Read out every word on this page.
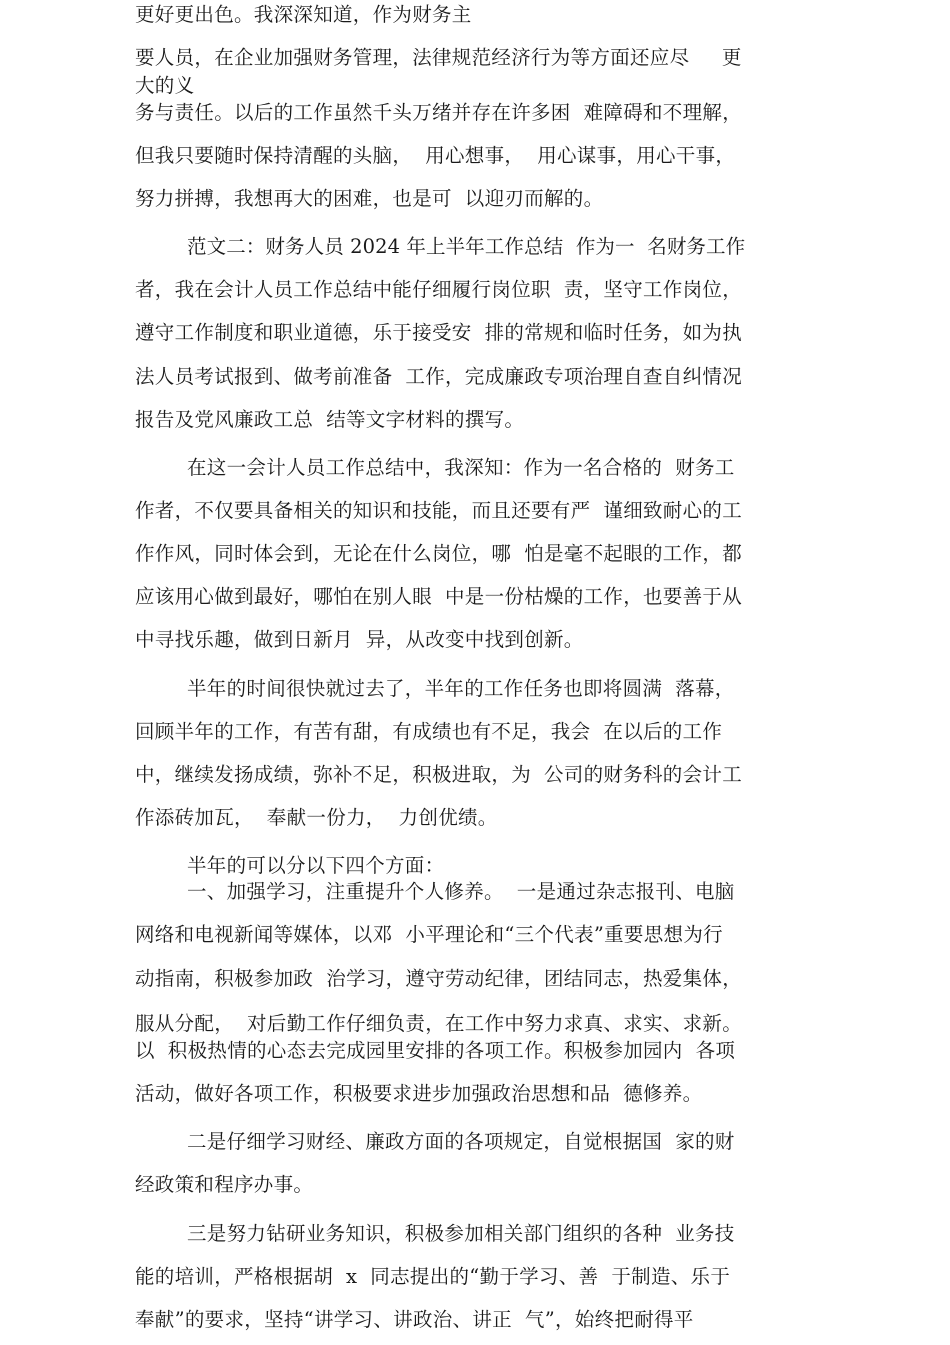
更好更出色。我深深知道，作为财务主
要人员，在企业加强财务管理，法律规范经济行为等方面还应尽     更
大的义
务与责任。以后的工作虽然千头万绪并存在许多困  难障碍和不理解，
但我只要随时保持清醒的头脑，  用心想事，  用心谋事，用心干事，
努力拼搏，我想再大的困难，也是可  以迎刃而解的。
范文二：财务人员 2024 年上半年工作总结  作为一  名财务工作
者，我在会计人员工作总结中能仔细履行岗位职  责，坚守工作岗位，
遵守工作制度和职业道德，乐于接受安  排的常规和临时任务，如为执
法人员考试报到、做考前准备  工作，完成廉政专项治理自查自纠情况
报告及党风廉政工总  结等文字材料的撰写。
在这一会计人员工作总结中，我深知：作为一名合格的  财务工
作者，不仅要具备相关的知识和技能，而且还要有严  谨细致耐心的工
作作风，同时体会到，无论在什么岗位，哪  怕是毫不起眼的工作，都
应该用心做到最好，哪怕在别人眼  中是一份枯燥的工作，也要善于从
中寻找乐趣，做到日新月  异，从改变中找到创新。
半年的时间很快就过去了，半年的工作任务也即将圆满  落幕，
回顾半年的工作，有苦有甜，有成绩也有不足，我会  在以后的工作
中，继续发扬成绩，弥补不足，积极进取，为  公司的财务科的会计工
作添砖加瓦，  奉献一份力，  力创优绩。
半年的可以分以下四个方面：
一、加强学习，注重提升个人修养。  一是通过杂志报刊、电脑
网络和电视新闻等媒体，以邓  小平理论和“三个代表”重要思想为行
动指南，积极参加政  治学习，遵守劳动纪律，团结同志，热爱集体，
服从分配，  对后勤工作仔细负责，在工作中努力求真、求实、求新。
以  积极热情的心态去完成园里安排的各项工作。积极参加园内  各项
活动，做好各项工作，积极要求进步加强政治思想和品  德修养。
二是仔细学习财经、廉政方面的各项规定，自觉根据国  家的财
经政策和程序办事。
三是努力钻研业务知识，积极参加相关部门组织的各种  业务技
能的培训，严格根据胡  x  同志提出的“勤于学习、善  于制造、乐于
奉献”的要求，坚持“讲学习、讲政治、讲正  气”，始终把耐得平
